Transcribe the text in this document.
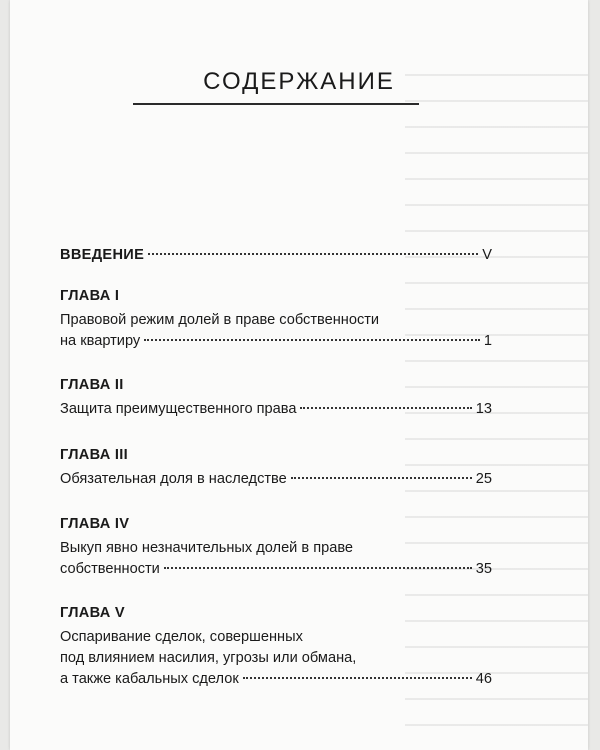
СОДЕРЖАНИЕ
ВВЕДЕНИЕ	V
ГЛАВА I
Правовой режим долей в праве собственности
на квартиру	1
ГЛАВА II
Защита преимущественного права	13
ГЛАВА III
Обязательная доля в наследстве	25
ГЛАВА IV
Выкуп явно незначительных долей в праве
собственности	35
ГЛАВА V
Оспаривание сделок, совершенных
под влиянием насилия, угрозы или обмана,
а также кабальных сделок	46
